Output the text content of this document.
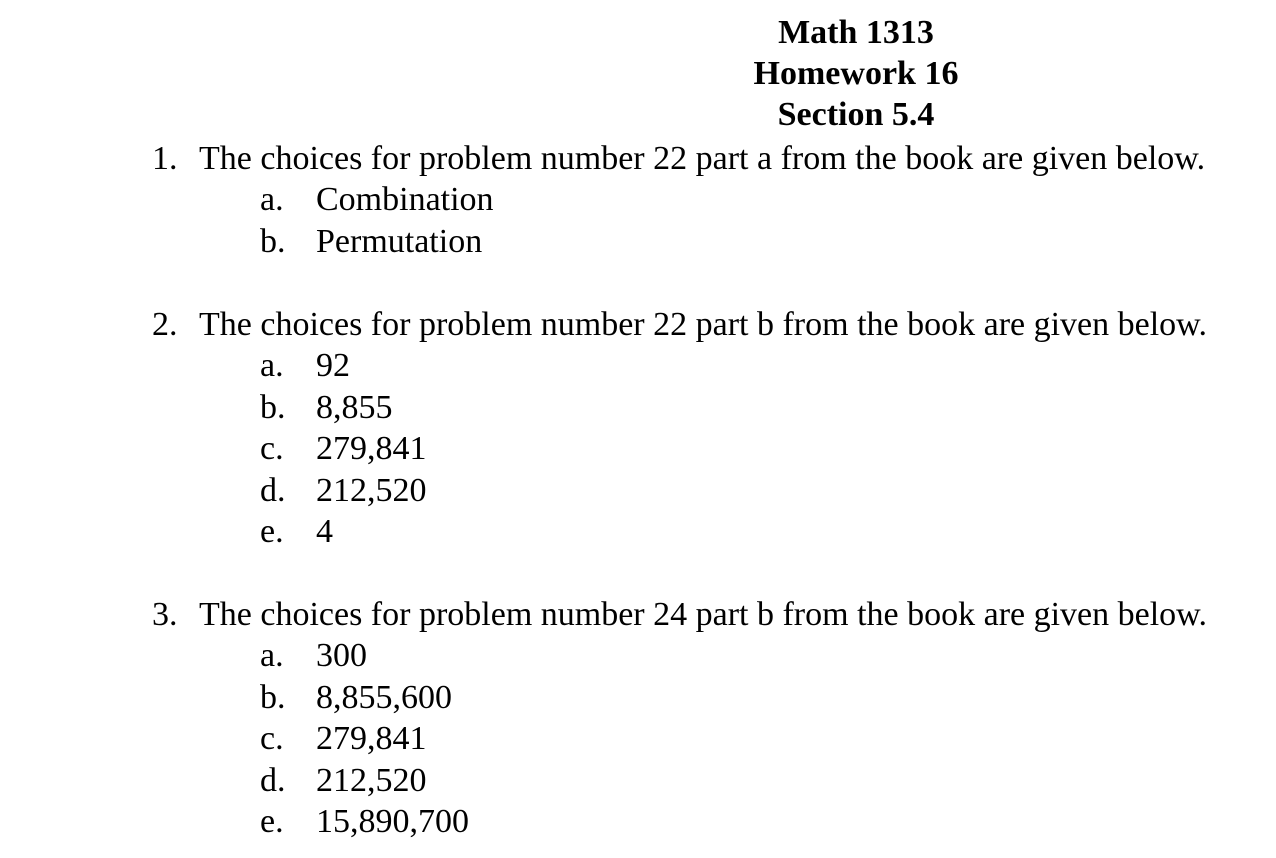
Math 1313
Homework 16
Section 5.4
1. The choices for problem number 22 part a from the book are given below.
a. Combination
b. Permutation
2. The choices for problem number 22 part b from the book are given below.
a. 92
b. 8,855
c. 279,841
d. 212,520
e. 4
3. The choices for problem number 24 part b from the book are given below.
a. 300
b. 8,855,600
c. 279,841
d. 212,520
e. 15,890,700
